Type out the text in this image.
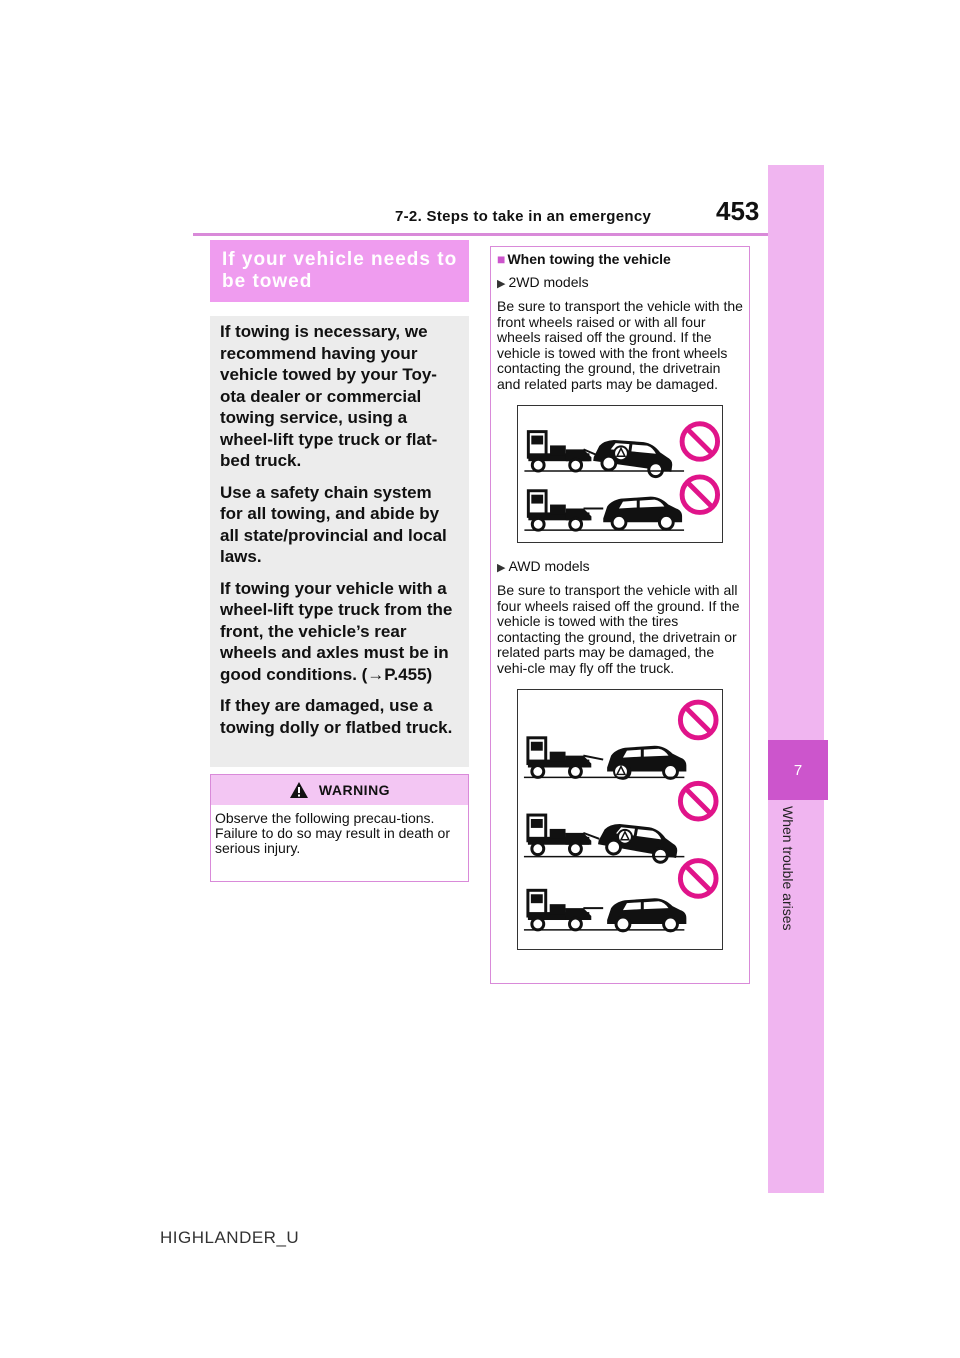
7-2. Steps to take in an emergency	453
7
When trouble arises
If your vehicle needs to be towed

If towing is necessary, we recommend having your vehicle towed by your Toy-ota dealer or commercial towing service, using a wheel-lift type truck or flat-bed truck.

Use a safety chain system for all towing, and abide by all state/provincial and local laws.

If towing your vehicle with a wheel-lift type truck from the front, the vehicle’s rear wheels and axles must be in good conditions. (→P.455)

If they are damaged, use a towing dolly or flatbed truck.

WARNING
Observe the following precau-tions.
Failure to do so may result in death or serious injury.
■ When towing the vehicle
▶ 2WD models
Be sure to transport the vehicle with the front wheels raised or with all four wheels raised off the ground. If the vehicle is towed with the front wheels contacting the ground, the drivetrain and related parts may be damaged.
▶ AWD models
Be sure to transport the vehicle with all four wheels raised off the ground. If the vehicle is towed with the tires contacting the ground, the drivetrain or related parts may be damaged, the vehi-cle may fly off the truck.
HIGHLANDER_U
